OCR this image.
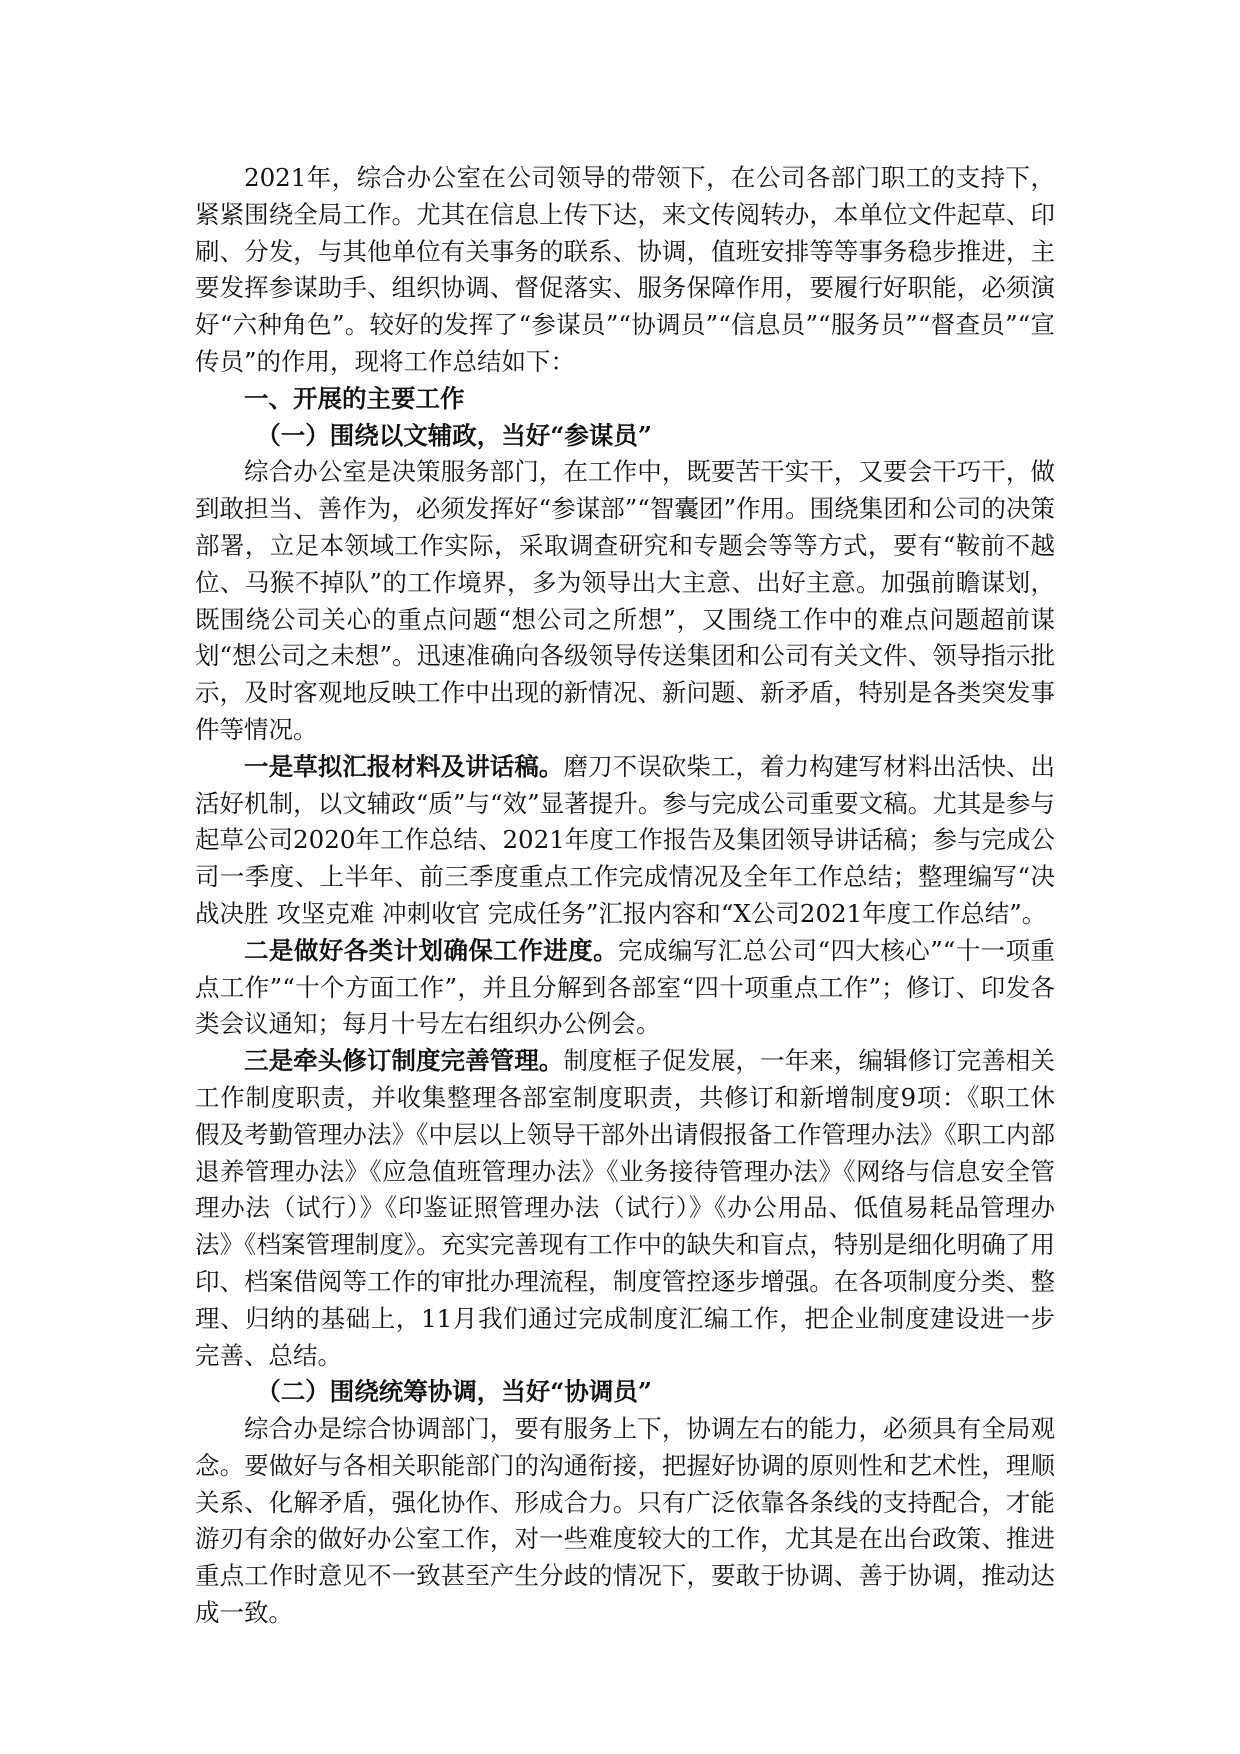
2021年，综合办公室在公司领导的带领下，在公司各部门职工的支持下，紧紧围绕全局工作。尤其在信息上传下达，来文传阅转办，本单位文件起草、印刷、分发，与其他单位有关事务的联系、协调，值班安排等等事务稳步推进，主要发挥参谋助手、组织协调、督促落实、服务保障作用，要履行好职能，必须演好“六种角色”。较好的发挥了“参谋员”“协调员”“信息员”“服务员”“督查员”“宣传员”的作用，现将工作总结如下：

一、开展的主要工作

（一）围绕以文辅政，当好“参谋员”

综合办公室是决策服务部门，在工作中，既要苦干实干，又要会干巧干，做到敢担当、善作为，必须发挥好“参谋部”“智囊团”作用。围绕集团和公司的决策部署，立足本领域工作实际，采取调查研究和专题会等等方式，要有“鞍前不越位、马猴不掉队”的工作境界，多为领导出大主意、出好主意。加强前瞻谋划，既围绕公司关心的重点问题“想公司之所想”，又围绕工作中的难点问题超前谋划“想公司之未想”。迅速准确向各级领导传送集团和公司有关文件、领导指示批示，及时客观地反映工作中出现的新情况、新问题、新矛盾，特别是各类突发事件等情况。

一是草拟汇报材料及讲话稿。磨刀不误砍柴工，着力构建写材料出活快、出活好机制，以文辅政“质”与“效”显著提升。参与完成公司重要文稿。尤其是参与起草公司2020年工作总结、2021年度工作报告及集团领导讲话稿；参与完成公司一季度、上半年、前三季度重点工作完成情况及全年工作总结；整理编写“决战决胜 攻坚克难 冲刺收官 完成任务”汇报内容和“X公司2021年度工作总结”。

二是做好各类计划确保工作进度。完成编写汇总公司“四大核心”“十一项重点工作”“十个方面工作”，并且分解到各部室“四十项重点工作”；修订、印发各类会议通知；每月十号左右组织办公例会。

三是牵头修订制度完善管理。制度框子促发展，一年来，编辑修订完善相关工作制度职责，并收集整理各部室制度职责，共修订和新增制度9项：《职工休假及考勤管理办法》《中层以上领导干部外出请假报备工作管理办法》《职工内部退养管理办法》《应急值班管理办法》《业务接待管理办法》《网络与信息安全管理办法（试行）》《印鉴证照管理办法（试行）》《办公用品、低值易耗品管理办法》《档案管理制度》。充实完善现有工作中的缺失和盲点，特别是细化明确了用印、档案借阅等工作的审批办理流程，制度管控逐步增强。在各项制度分类、整理、归纳的基础上，11月我们通过完成制度汇编工作，把企业制度建设进一步完善、总结。

（二）围绕统筹协调，当好“协调员”

综合办是综合协调部门，要有服务上下，协调左右的能力，必须具有全局观念。要做好与各相关职能部门的沟通衔接，把握好协调的原则性和艺术性，理顺关系、化解矛盾，强化协作、形成合力。只有广泛依靠各条线的支持配合，才能游刃有余的做好办公室工作，对一些难度较大的工作，尤其是在出台政策、推进重点工作时意见不一致甚至产生分歧的情况下，要敢于协调、善于协调，推动达成一致。
